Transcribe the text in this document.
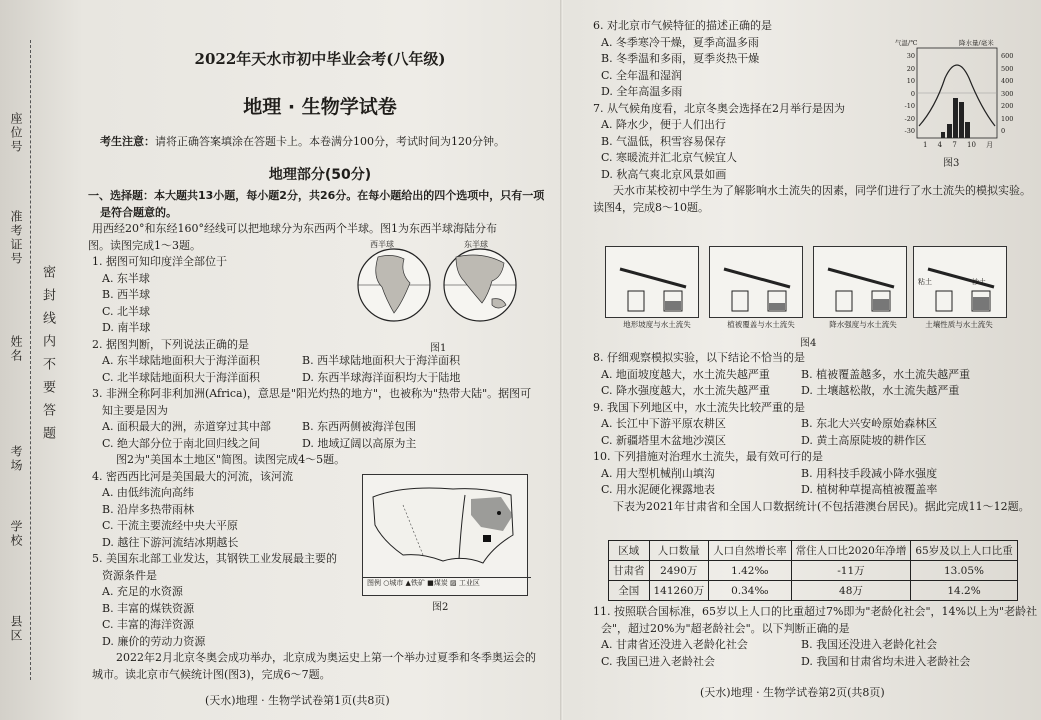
座位号
准考证号
姓名
考场
学校
县区
密封线内不要答题
2022年天水市初中毕业会考(八年级)
地理 · 生物学试卷
考生注意：请将正确答案填涂在答题卡上。本卷满分100分，考试时间为120分钟。
地理部分(50分)

一、选择题：本大题共13小题，每小题2分，共26分。在每小题给出的四个选项中，只有一项

是符合题意的。

用西经20°和东经160°经线可以把地球分为东西两个半球。图1为东西半球海陆分布

图。读图完成1～3题。

1. 据图可知印度洋全部位于

A. 东半球

B. 西半球

C. 北半球

D. 南半球

2. 据图判断，下列说法正确的是

A. 东半球陆地面积大于海洋面积	B. 西半球陆地面积大于海洋面积

C. 北半球陆地面积大于海洋面积	D. 东西半球海洋面积均大于陆地

3. 非洲全称阿非利加洲(Africa)，意思是"阳光灼热的地方"，也被称为"热带大陆"。据图可

知主要是因为

A. 面积最大的洲，赤道穿过其中部	B. 东西两侧被海洋包围

C. 绝大部分位于南北回归线之间	D. 地域辽阔以高原为主

图2为"美国本土地区"简图。读图完成4～5题。

4. 密西西比河是美国最大的河流，该河流

A. 由低纬流向高纬

B. 沿岸多热带雨林

C. 干流主要流经中央大平原

D. 越往下游河流结冰期越长

5. 美国东北部工业发达，其钢铁工业发展最主要的

资源条件是

A. 充足的水资源

B. 丰富的煤铁资源

C. 丰富的海洋资源

D. 廉价的劳动力资源

2022年2月北京冬奥会成功举办，北京成为奥运史上第一个举办过夏季和冬季奥运会的

城市。读北京市气候统计图(图3)，完成6～7题。

西半球	东半球
图1
图例 ○城市 ▲铁矿 ■煤炭 ▨ 工业区
图2

(天水)地理 · 生物学试卷第1页(共8页)

6. 对北京市气候特征的描述正确的是

A. 冬季寒冷干燥，夏季高温多雨

B. 冬季温和多雨，夏季炎热干燥

C. 全年温和湿润

D. 全年高温多雨

7. 从气候角度看，北京冬奥会选择在2月举行是因为

A. 降水少，便于人们出行

B. 气温低，积雪容易保存

C. 寒暖流并汇北京气候宜人

D. 秋高气爽北京风景如画

天水市某校初中学生为了解影响水土流失的因素，同学们进行了水土流失的模拟实验。

读图4，完成8～10题。

气温/℃	降水量/毫米
30
20
10
0
-10
-20
-30
600
500
400
300
200
100
0
1 4 7 10 月
图3
粘土	沙土
地形坡度与水土流失	植被覆盖与水土流失	降水强度与水土流失	土壤性质与水土流失
图4

8. 仔细观察模拟实验，以下结论不恰当的是

A. 地面坡度越大，水土流失越严重	B. 植被覆盖越多，水土流失越严重

C. 降水强度越大，水土流失越严重	D. 土壤越松散，水土流失越严重

9. 我国下列地区中，水土流失比较严重的是

A. 长江中下游平原农耕区	B. 东北大兴安岭原始森林区

C. 新疆塔里木盆地沙漠区	D. 黄土高原陡坡的耕作区

10. 下列措施对治理水土流失，最有效可行的是

A. 用大型机械削山填沟	B. 用科技手段减小降水强度

C. 用水泥硬化裸露地表	D. 植树种草提高植被覆盖率

下表为2021年甘肃省和全国人口数据统计(不包括港澳台居民)。据此完成11～12题。

区域	人口数量	人口自然增长率	常住人口比2020年净增	65岁及以上人口比重
甘肃省	2490万	1.42‰	-11万	13.05%
全国	141260万	0.34‰	48万	14.2%

11. 按照联合国标准，65岁以上人口的比重超过7%即为"老龄化社会"，14%以上为"老龄社

会"，超过20%为"超老龄社会"。以下判断正确的是

A. 甘肃省还没进入老龄化社会	B. 我国还没进入老龄化社会

C. 我国已进入老龄社会	D. 我国和甘肃省均未进入老龄社会

(天水)地理 · 生物学试卷第2页(共8页)
